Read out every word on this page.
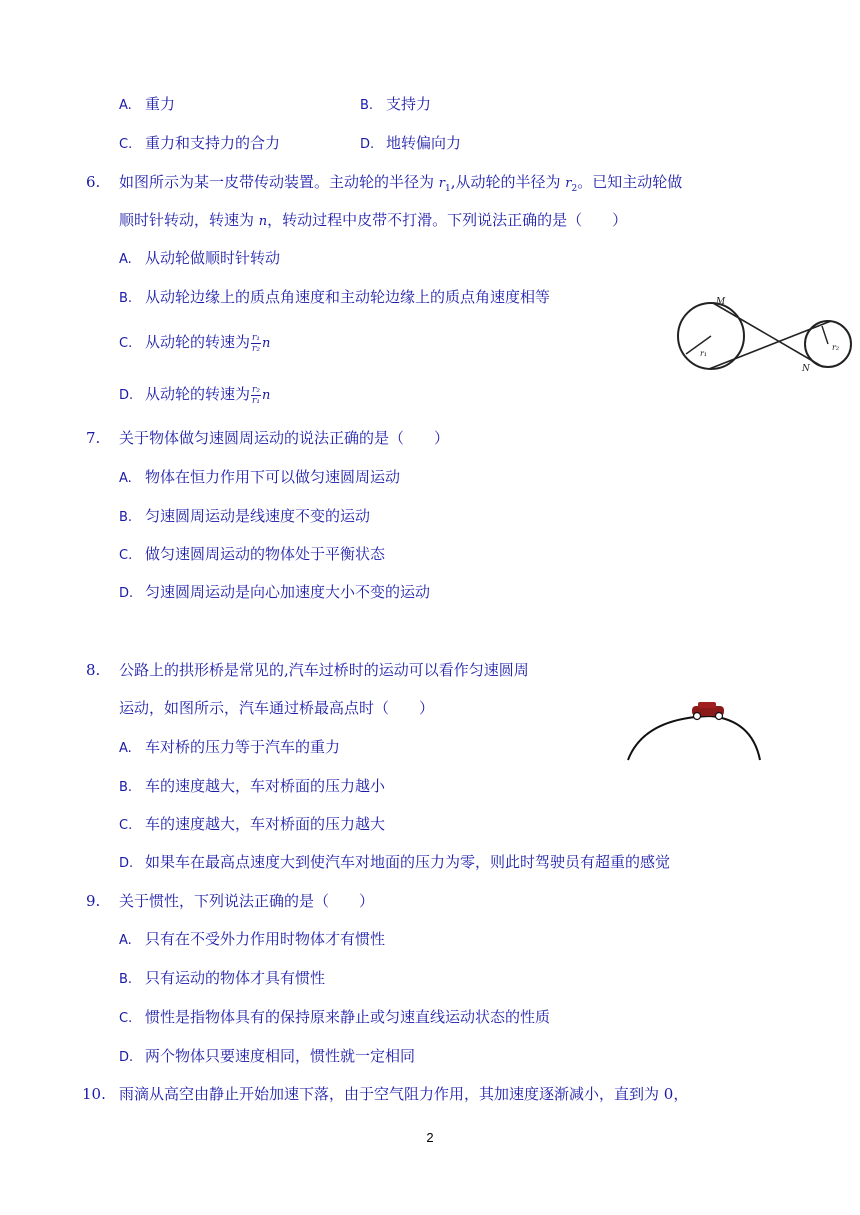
A. 重力	B. 支持力
C. 重力和支持力的合力	D. 地转偏向力
6. 如图所示为某一皮带传动装置。主动轮的半径为 $r_1$,从动轮的半径为 $r_2$。已知主动轮做
顺时针转动，转速为 n，转动过程中皮带不打滑。下列说法正确的是（　　）
A. 从动轮做顺时针转动
B. 从动轮边缘上的质点角速度和主动轮边缘上的质点角速度相等
C. 从动轮的转速为 $\frac{\text{r₁}}{\text{r₂}}$ n
D. 从动轮的转速为 $\frac{\text{r₂}}{\text{r₁}}$ n
M
N
r₁
r₂
7. 关于物体做匀速圆周运动的说法正确的是（　　）
A. 物体在恒力作用下可以做匀速圆周运动
B. 匀速圆周运动是线速度不变的运动
C. 做匀速圆周运动的物体处于平衡状态
D. 匀速圆周运动是向心加速度大小不变的运动
8. 公路上的拱形桥是常见的,汽车过桥时的运动可以看作匀速圆周
运动，如图所示，汽车通过桥最高点时（　　）
A. 车对桥的压力等于汽车的重力
B. 车的速度越大，车对桥面的压力越小
C. 车的速度越大，车对桥面的压力越大
D. 如果车在最高点速度大到使汽车对地面的压力为零，则此时驾驶员有超重的感觉
9. 关于惯性，下列说法正确的是（　　）
A. 只有在不受外力作用时物体才有惯性
B. 只有运动的物体才具有惯性
C. 惯性是指物体具有的保持原来静止或匀速直线运动状态的性质
D. 两个物体只要速度相同，惯性就一定相同
10. 雨滴从高空由静止开始加速下落，由于空气阻力作用，其加速度逐渐减小，直到为 0，
2
